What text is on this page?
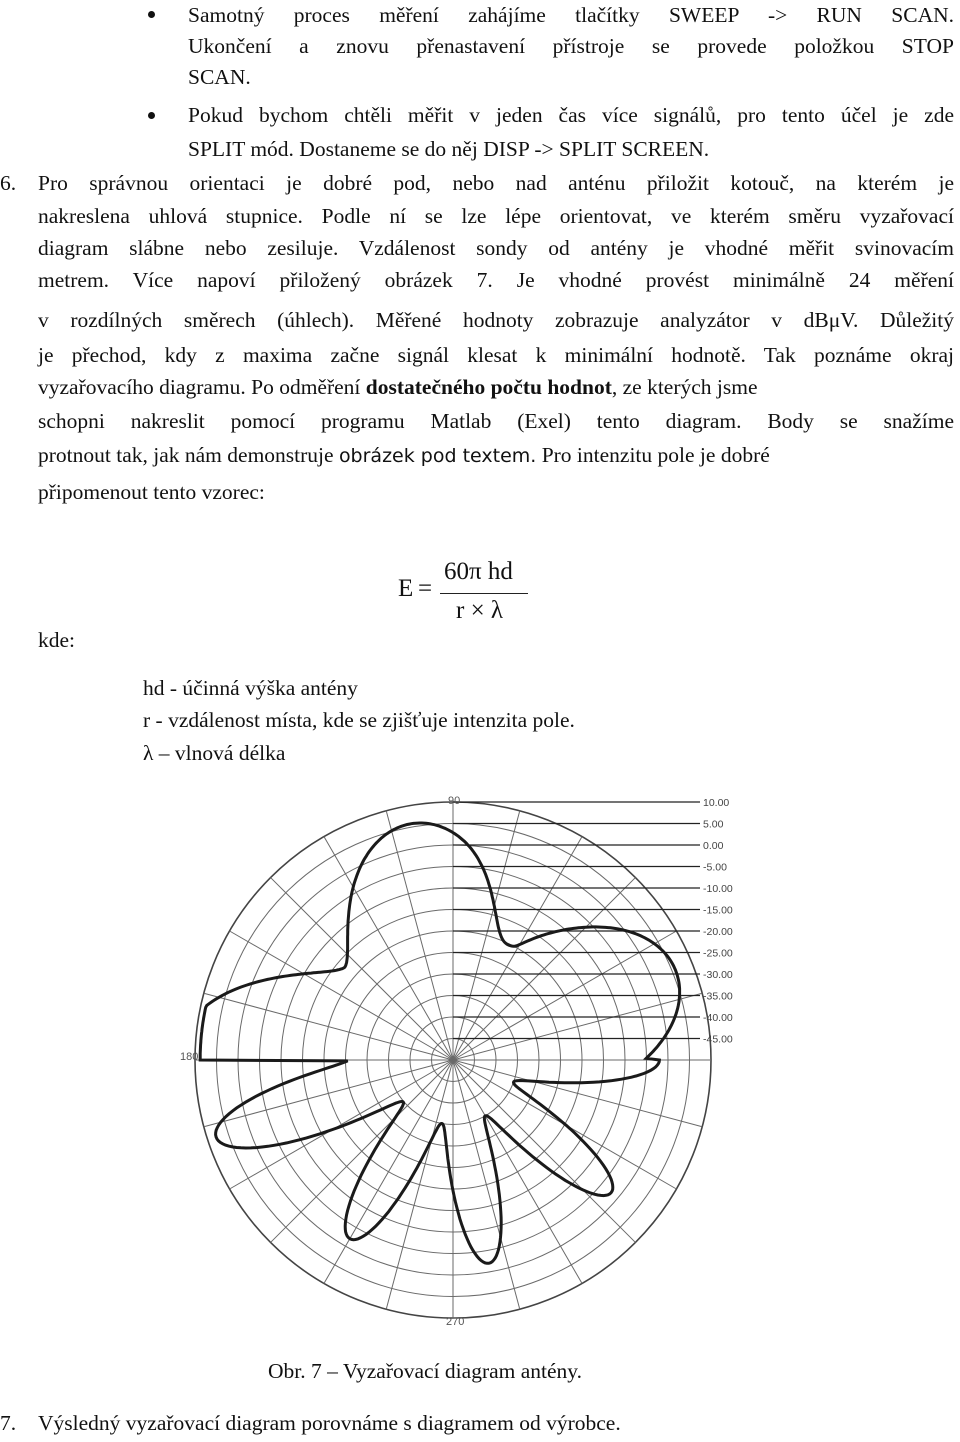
Samotný proces měření zahájíme tlačítky SWEEP -> RUN SCAN.
Ukončení a znovu přenastavení přístroje se provede položkou STOP
SCAN.
Pokud bychom chtěli měřit v jeden čas více signálů, pro tento účel je zde
SPLIT mód. Dostaneme se do něj DISP -> SPLIT SCREEN.
6. Pro správnou orientaci je dobré pod, nebo nad anténu přiložit kotouč, na kterém je
nakreslena uhlová stupnice. Podle ní se lze lépe orientovat, ve kterém směru vyzařovací
diagram slábne nebo zesiluje. Vzdálenost sondy od antény je vhodné měřit svinovacím
metrem. Více napoví přiložený obrázek 7. Je vhodné provést minimálně 24 měření
v rozdílných směrech (úhlech). Měřené hodnoty zobrazuje analyzátor v dBμV. Důležitý
je přechod, kdy z maxima začne signál klesat k minimální hodnotě. Tak poznáme okraj
vyzařovacího diagramu. Po odměření dostatečného počtu hodnot, ze kterých jsme
schopni nakreslit pomocí programu Matlab (Exel) tento diagram. Body se snažíme
protnout tak, jak nám demonstruje obrázek pod textem. Pro intenzitu pole je dobré
připomenout tento vzorec:
E =
60π hd
r × λ
kde:
hd - účinná výška antény
r - vzdálenost místa, kde se zjišťuje intenzita pole.
λ – vlnová délka
90
180
270
10.00
5.00
0.00
-5.00
-10.00
-15.00
-20.00
-25.00
-30.00
-35.00
-40.00
-45.00
Obr. 7 – Vyzařovací diagram antény.
7. Výsledný vyzařovací diagram porovnáme s diagramem od výrobce.
